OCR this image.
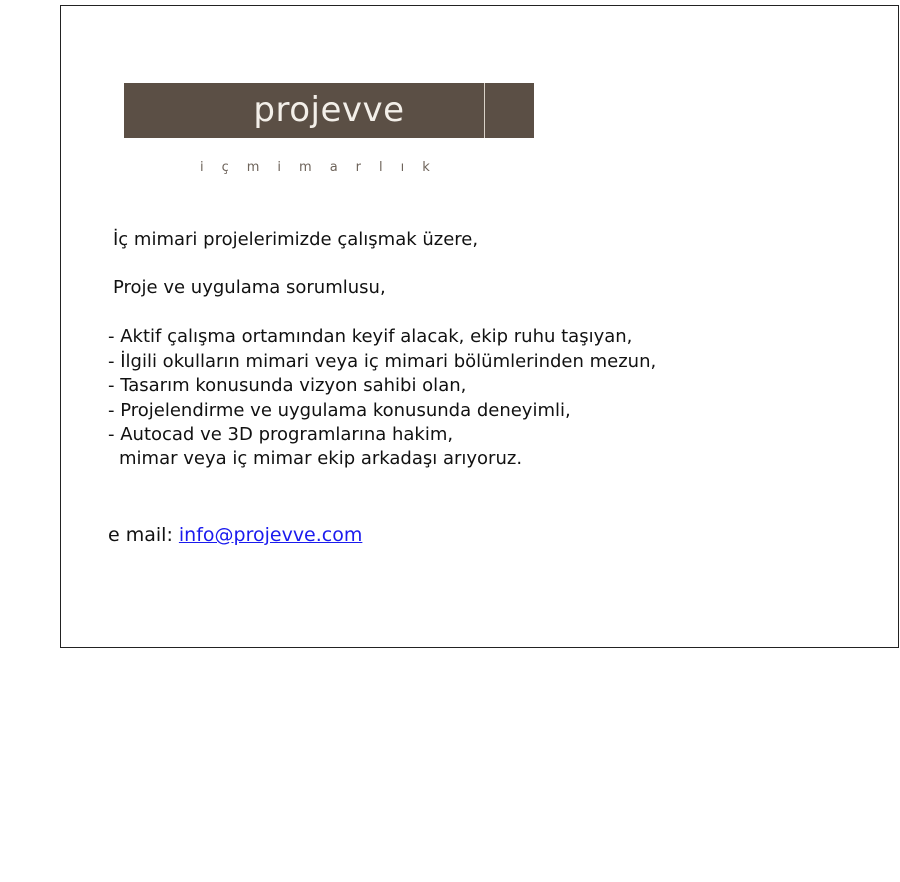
projevve
içmimarlık
İç mimari projelerimizde çalışmak üzere,
Proje ve uygulama sorumlusu,
- Aktif çalışma ortamından keyif alacak, ekip ruhu taşıyan,
- İlgili okulların mimari veya iç mimari bölümlerinden mezun,
- Tasarım konusunda vizyon sahibi olan,
- Projelendirme ve uygulama konusunda deneyimli,
- Autocad ve 3D programlarına hakim,
mimar veya iç mimar ekip arkadaşı arıyoruz.
e mail: info@projevve.com
